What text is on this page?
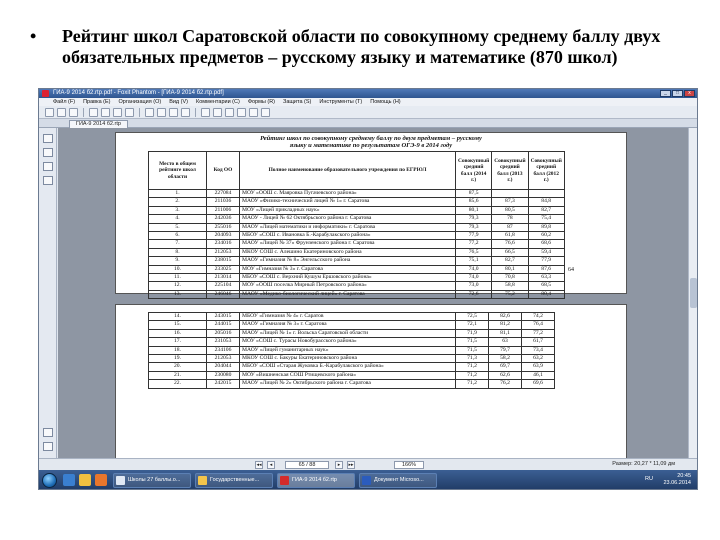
• Рейтинг школ Саратовской области по совокупному среднему баллу двух обязательных предметов – русскому языку и математике (870 школ)
ГИА-9 2014 б2.rtp.pdf - Foxit Phantom - [ГИА-9 2014 б2.rtp.pdf]	_	□	x
Файл (F) Правка (E) Организация (O) Вид (V) Комментарии (C) Формы (R) Защита (S) Инструменты (T) Помощь (H)
ГИА-9 2014 б2.rtp
Рейтинг школ по совокупному среднему баллу по двум предметам – русскому
языку и математике по результатам ОГЭ-9 в 2014 году
Место в общем рейтинге школ области	Код ОО	Полное наименование образовательного учреждения по ЕГРЮЛ	Совокупный средний балл (2014 г.)	Совокупный средний балл (2013 г.)	Совокупный средний балл (2012 г.)
1.	227084	МОУ «ООШ с. Маяровка Пугачевского района»	87,5		
2.	211036	МАОУ «Физико-технический лицей № 1» г. Саратова	85,6	87,3	84,8
3.	211006	МОУ «Лицей прикладных наук»	80,1	80,5	82,7
4.	242036	МАОУ - Лицей № 62 Октябрьского района г. Саратова	79,3	78	75,4
5.	255016	МАОУ «Лицей математики и информатики» г. Саратова	79,3	87	89,8
6.	204093	МБОУ «СОШ с. Ивановка Б.-Карабулакского района»	77,9	61,8	60,2
7.	234016	МАОУ «Лицей № 37» Фрунзенского района г. Саратова	77,2	76,6	68,6
8.	212053	МКОУ СОШ с. Алешино Екатериновского района	76,5	66,5	59,4
9.	238015	МАОУ «Гимназия № 8» Энгельсского района	75,1	82,7	77,9
10.	233025	МОУ «Гимназия № 3» г. Саратова	74,0	80,1	87,6
11.	213014	МБОУ «СОШ с. Верхний Кушум Ершовского района»	74,0	70,8	63,3
12.	225104	МОУ «ООШ поселка Мирный Петровского района»	73,0	58,8	68,5
13.	246046	МАОУ «Медико-биологический лицей» г. Саратова	72,6	75,2	80,4
64
14.	243015	МБОУ «Гимназия № 4» г. Саратов	72,5	82,6	74,2
15.	244015	МАОУ «Гимназия № 3» г. Саратова	72,1	81,2	76,4
16.	205016	МАОУ «Лицей № 1» г. Вольска Саратовской области	71,9	81,1	77,2
17.	231053	МОУ «СОШ с. Турасы Новобурасского района»	71,5	63	61,7
18.	234106	МАОУ «Лицей гуманитарных наук»	71,5	79,7	73,4
19.	212053	МКОУ СОШ с. Бакуры Екатериновского района	71,3	58,2	63,2
20.	204044	МБОУ «СОШ «Старая Жуковка Б.-Карабулакского района»	71,2	69,7	63,9
21.	230080	МОУ «Вишненская СОШ Ртищевского района»	71,2	62,6	46,1
22.	242015	МАОУ «Лицей № 2» Октябрьского района г. Саратова	71,2	76,2	69,6
◂◂	◂	65 / 88	▸	▸▸	166%	Размер: 20,27 * 11,09 дм
Школы 27 баллы.o...	Государственные...	ГИА-9 2014 б2.rtp	Документ Microsо...	RU	20:45
23.06.2014
